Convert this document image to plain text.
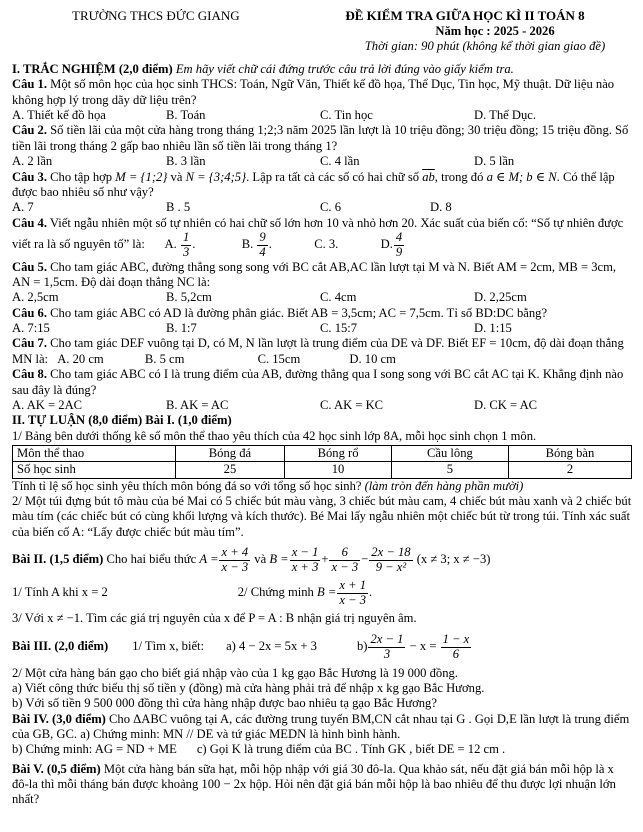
TRƯỜNG THCS ĐỨC GIANG	ĐỀ KIỂM TRA GIỮA HỌC KÌ II TOÁN 8
Năm học : 2025 - 2026
Thời gian: 90 phút (không kể thời gian giao đề)

I. TRẮC NGHIỆM (2,0 điểm) Em hãy viết chữ cái đứng trước câu trả lời đúng vào giấy kiểm tra.

Câu 1. Một số môn học của học sinh THCS: Toán, Ngữ Văn, Thiết kế đồ họa, Thể Dục, Tin học, Mỹ thuật. Dữ liệu nào không hợp lý trong dãy dữ liệu trên?

A. Thiết kế đồ họa	B. Toán	C. Tin học	D. Thể Dục.

Câu 2. Số tiền lãi của một cửa hàng trong tháng 1;2;3 năm 2025 lần lượt là 10 triệu đồng; 30 triệu đồng; 15 triệu đồng. Số tiền lãi trong tháng 2 gấp bao nhiêu lần số tiền lãi trong tháng 1?

A. 2 lần	B. 3 lần	C. 4 lần	D. 5 lần

Câu 3. Cho tập hợp M = {1;2} và N = {3;4;5}. Lập ra tất cả các số có hai chữ số $\overline{ab}$, trong đó a ∈ M; b ∈ N. Có thể lập được bao nhiêu số như vậy?

A. 7	B . 5	C. 6	D. 8

Câu 4. Viết ngẫu nhiên một số tự nhiên có hai chữ số lớn hơn 10 và nhỏ hơn 20. Xác suất của biến cố: “Số tự nhiên được viết ra là số nguyên tố” là: A. $\frac{1}{3}$ .	B. $\frac{9}{4}$ .	C. 3.	D. $\frac{4}{9}$

Câu 5. Cho tam giác ABC, đường thẳng song song với BC cắt AB,AC lần lượt tại M và N. Biết AM = 2cm, MB = 3cm, AN = 1,5cm. Độ dài đoạn thẳng NC là:

A. 2,5cm	B. 5,2cm	C. 4cm	D. 2,25cm

Câu 6. Cho tam giác ABC có AD là đường phân giác. Biết AB = 3,5cm; AC = 7,5cm. Tỉ số BD:DC bằng?

A. 7:15	B. 1:7	C. 15:7	D. 1:15

Câu 7. Cho tam giác DEF vuông tại D, có M, N lần lượt là trung điểm của DE và DF. Biết EF = 10cm, độ dài đoạn thẳng MN là: A. 20 cm	B. 5 cm	C. 15cm	D. 10 cm

Câu 8. Cho tam giác ABC có I là trung điểm của AB, đường thẳng qua I song song với BC cắt AC tại K. Khẳng định nào sau đây là đúng?

A. AK = 2AC	B. AK = AC	C. AK = KC	D. CK = AC

II. TỰ LUẬN (8,0 điểm) Bài I. (1,0 điểm)

1/ Bảng bên dưới thống kê số môn thể thao yêu thích của 42 học sinh lớp 8A, mỗi học sinh chọn 1 môn.

Môn thể thao	Bóng đá	Bóng rổ	Cầu lông	Bóng bàn
Số học sinh	25	10	5	2

Tính tỉ lệ số học sinh yêu thích môn bóng đá so với tổng số học sinh? (làm tròn đến hàng phần mười)

2/ Một túi đựng bút tô màu của bé Mai có 5 chiếc bút màu vàng, 3 chiếc bút màu cam, 4 chiếc bút màu xanh và 2 chiếc bút màu tím (các chiếc bút có cùng khối lượng và kích thước). Bé Mai lấy ngẫu nhiên một chiếc bút từ trong túi. Tính xác suất của biến cố A: “Lấy được chiếc bút màu tím”.

Bài II. (1,5 điểm) Cho hai biểu thức $A = \frac{x + 4}{x - 3}$ và $B = \frac{x - 1}{x + 3} + \frac{6}{x - 3} - \frac{2x - 18}{\text{9 − x²}} (x \ne 3$; x ≠ −3)

1/ Tính A khi x = 2	2/ Chứng minh $B = \frac{x + 1}{x - 3}$ .

3/ Với x ≠ −1. Tìm các giá trị nguyên của x để P = A : B nhận giá trị nguyên âm.

Bài III. (2,0 điểm) 1/ Tìm x, biết: a) 4 − 2x = 5x + 3	$b) \frac{2x - 1}{3} - x = \frac{1 - x}{6}$

2/ Một cửa hàng bán gạo cho biết giá nhập vào của 1 kg gạo Bắc Hương là 19 000 đồng.

a) Viết công thức biểu thị số tiền y (đồng) mà cửa hàng phải trả để nhập x kg gạo Bắc Hương.

b) Với số tiền 9 500 000 đồng thì cửa hàng nhập được bao nhiêu tạ gạo Bắc Hương?

Bài IV. (3,0 điểm) Cho ΔABC vuông tại A, các đường trung tuyến BM,CN cắt nhau tại G . Gọi D,E lần lượt là trung điểm của GB, GC. a) Chứng minh: MN // DE và tứ giác MEDN là hình bình hành.

b) Chứng minh: AG = ND + ME c) Gọi K là trung điểm của BC . Tính GK , biết DE = 12 cm .

Bài V. (0,5 điểm) Một cửa hàng bán sữa hạt, mỗi hộp nhập với giá 30 đô-la. Qua khảo sát, nếu đặt giá bán mỗi hộp là x đô-la thì mỗi tháng bán được khoảng 100 − 2x hộp. Hỏi nên đặt giá bán mỗi hộp là bao nhiêu để thu được lợi nhuận lớn nhất?
